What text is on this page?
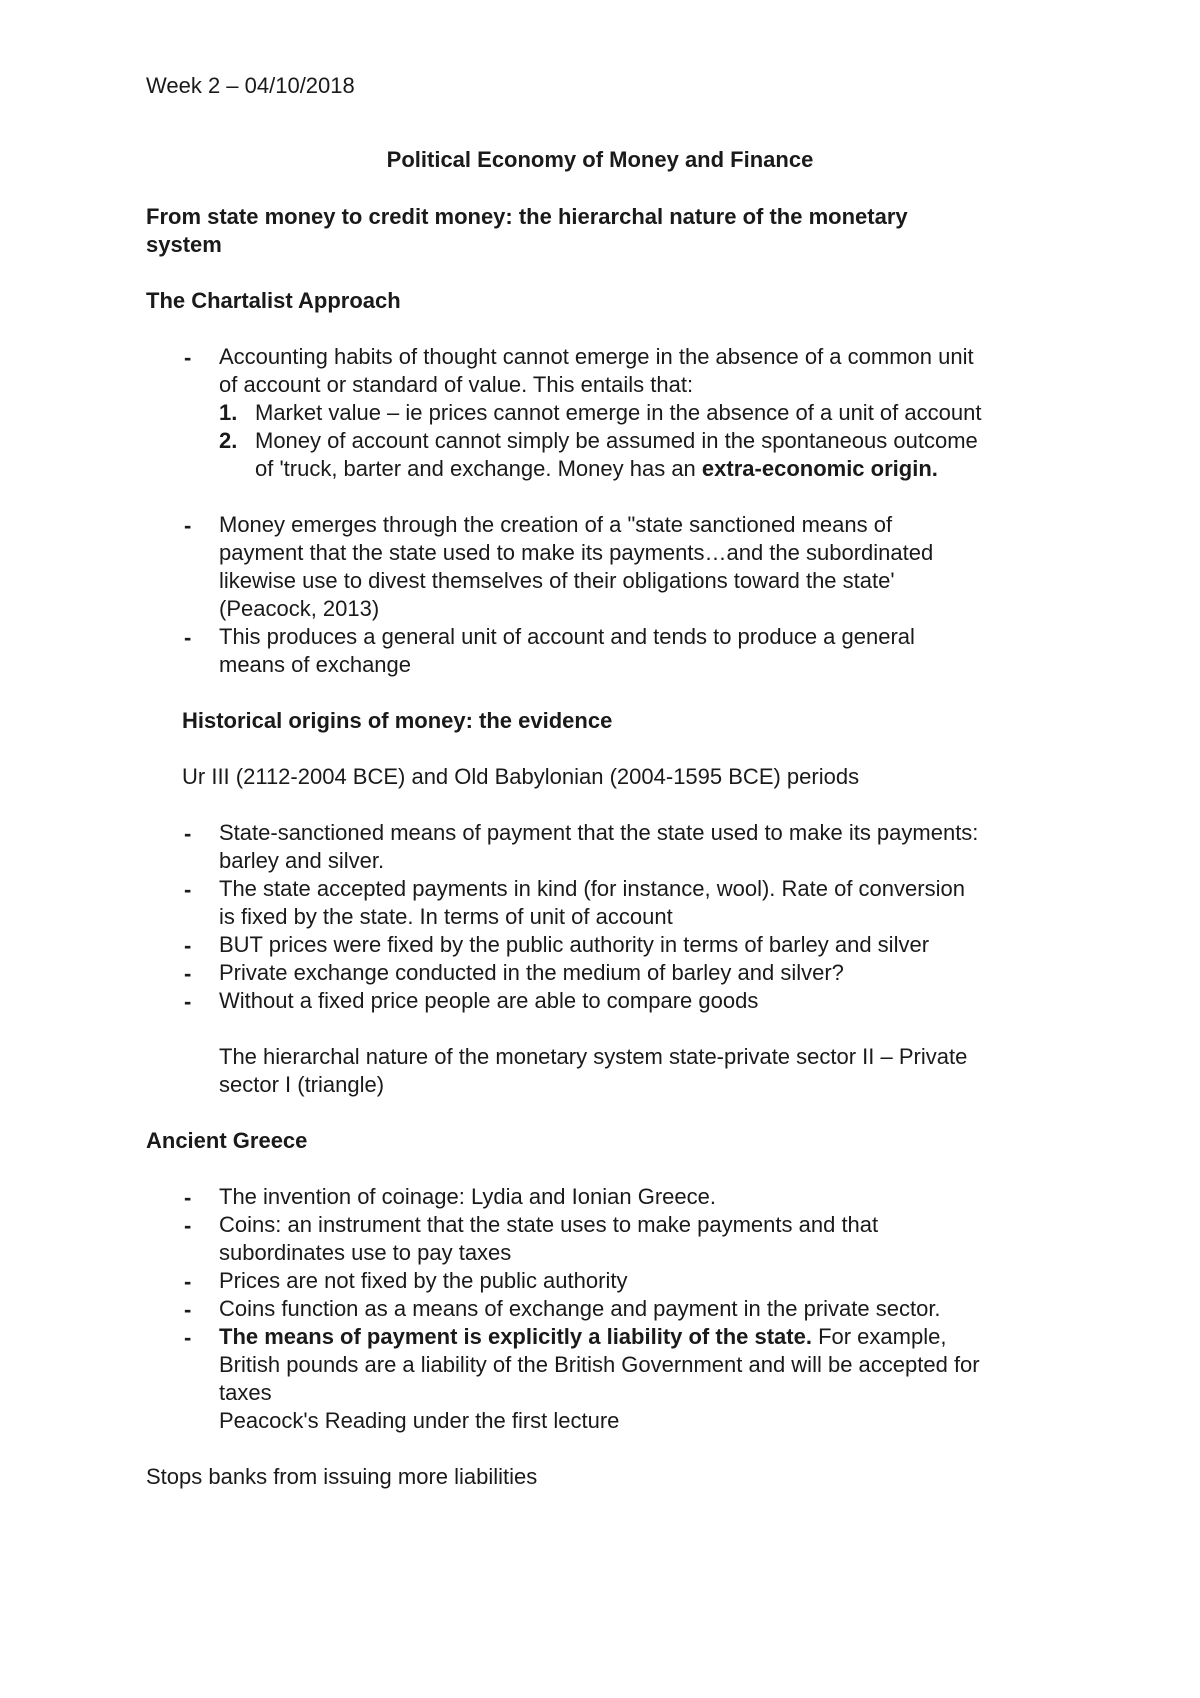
Week 2 – 04/10/2018

Political Economy of Money and Finance

From state money to credit money: the hierarchal nature of the monetary

system

The Chartalist Approach

- Accounting habits of thought cannot emerge in the absence of a common unit

of account or standard of value. This entails that:

1. Market value – ie prices cannot emerge in the absence of a unit of account

2. Money of account cannot simply be assumed in the spontaneous outcome

of 'truck, barter and exchange. Money has an extra-economic origin.

- Money emerges through the creation of a "state sanctioned means of

payment that the state used to make its payments…and the subordinated

likewise use to divest themselves of their obligations toward the state'

(Peacock, 2013)

- This produces a general unit of account and tends to produce a general

means of exchange

Historical origins of money: the evidence

Ur III (2112-2004 BCE) and Old Babylonian (2004-1595 BCE) periods

- State-sanctioned means of payment that the state used to make its payments:

barley and silver.

- The state accepted payments in kind (for instance, wool). Rate of conversion

is fixed by the state. In terms of unit of account

- BUT prices were fixed by the public authority in terms of barley and silver

- Private exchange conducted in the medium of barley and silver?

- Without a fixed price people are able to compare goods

The hierarchal nature of the monetary system state-private sector II – Private

sector I (triangle)

Ancient Greece

- The invention of coinage: Lydia and Ionian Greece.

- Coins: an instrument that the state uses to make payments and that

subordinates use to pay taxes

- Prices are not fixed by the public authority

- Coins function as a means of exchange and payment in the private sector.

- The means of payment is explicitly a liability of the state. For example,

British pounds are a liability of the British Government and will be accepted for

taxes

Peacock's Reading under the first lecture

Stops banks from issuing more liabilities
